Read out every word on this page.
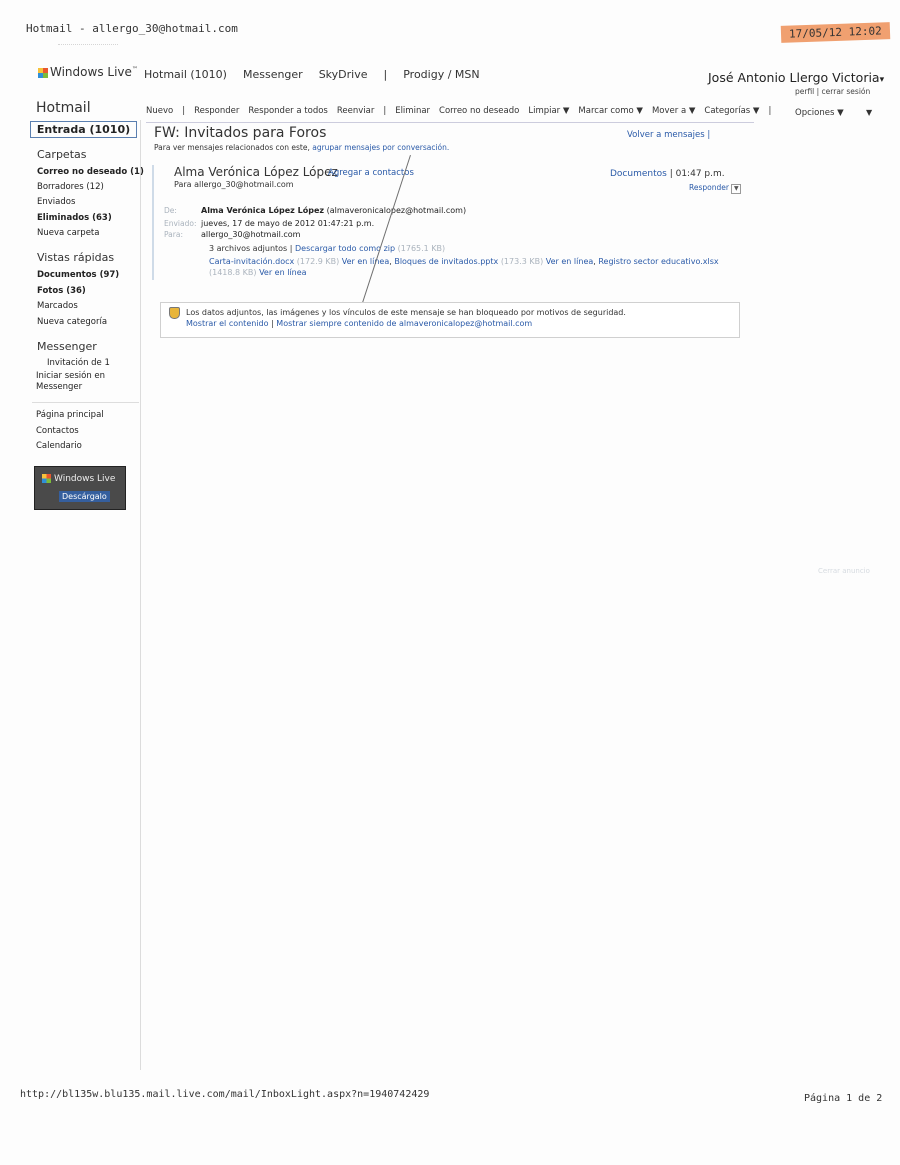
Hotmail - allergo_30@hotmail.com	17/05/12 12:02
Windows Live™ Hotmail (1010) Messenger SkyDrive | Prodigy / MSN	José Antonio Llergo Victoria▾
perfil | cerrar sesión
Hotmail	Nuevo | Responder Responder a todos Reenviar | Eliminar Correo no deseado Limpiar ▼ Marcar como ▼ Mover a ▼ Categorías ▼ |	Opciones ▼	▼
Entrada (1010)
Carpetas
Correo no deseado (1)
Borradores (12)
Enviados
Eliminados (63)
Nueva carpeta
Vistas rápidas
Documentos (97)
Fotos (36)
Marcados
Nueva categoría
Messenger
Invitación de 1
Iniciar sesión en Messenger
Página principal
Contactos
Calendario
Windows Live
Descárgalo
FW: Invitados para Foros
Para ver mensajes relacionados con este, agrupar mensajes por conversación.
Volver a mensajes |
Alma Verónica López López
Agregar a contactos
Para allergo_30@hotmail.com
Documentos | 01:47 p.m.
Responder ▼
De:	Alma Verónica López López (almaveronicalopez@hotmail.com)
Enviado: jueves, 17 de mayo de 2012 01:47:21 p.m.
Para: allergo_30@hotmail.com
3 archivos adjuntos | Descargar todo como zip (1765.1 KB)
Carta-invitación.docx (172.9 KB) Ver en línea, Bloques de invitados.pptx (173.3 KB) Ver en línea, Registro sector educativo.xlsx
(1418.8 KB) Ver en línea
Los datos adjuntos, las imágenes y los vínculos de este mensaje se han bloqueado por motivos de seguridad.
Mostrar el contenido | Mostrar siempre contenido de almaveronicalopez@hotmail.com
Cerrar anuncio
http://bl135w.blu135.mail.live.com/mail/InboxLight.aspx?n=1940742429	Página 1 de 2
